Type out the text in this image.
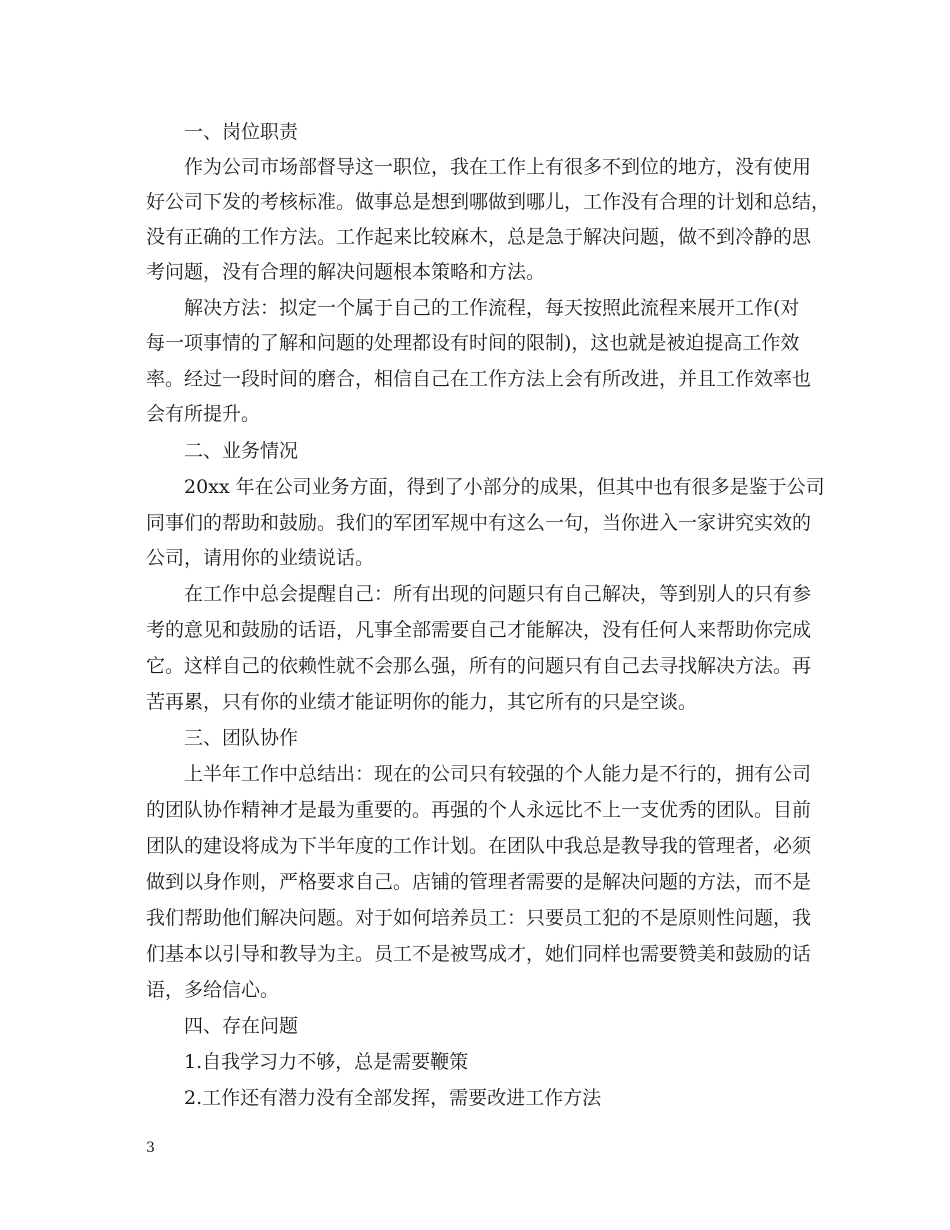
一、岗位职责

作为公司市场部督导这一职位，我在工作上有很多不到位的地方，没有使用

好公司下发的考核标准。做事总是想到哪做到哪儿，工作没有合理的计划和总结，

没有正确的工作方法。工作起来比较麻木，总是急于解决问题，做不到冷静的思

考问题，没有合理的解决问题根本策略和方法。

解决方法：拟定一个属于自己的工作流程，每天按照此流程来展开工作(对

每一项事情的了解和问题的处理都设有时间的限制)，这也就是被迫提高工作效

率。经过一段时间的磨合，相信自己在工作方法上会有所改进，并且工作效率也

会有所提升。

二、业务情况

20xx 年在公司业务方面，得到了小部分的成果，但其中也有很多是鉴于公司

同事们的帮助和鼓励。我们的军团军规中有这么一句，当你进入一家讲究实效的

公司，请用你的业绩说话。

在工作中总会提醒自己：所有出现的问题只有自己解决，等到别人的只有参

考的意见和鼓励的话语，凡事全部需要自己才能解决，没有任何人来帮助你完成

它。这样自己的依赖性就不会那么强，所有的问题只有自己去寻找解决方法。再

苦再累，只有你的业绩才能证明你的能力，其它所有的只是空谈。

三、团队协作

上半年工作中总结出：现在的公司只有较强的个人能力是不行的，拥有公司

的团队协作精神才是最为重要的。再强的个人永远比不上一支优秀的团队。目前

团队的建设将成为下半年度的工作计划。在团队中我总是教导我的管理者，必须

做到以身作则，严格要求自己。店铺的管理者需要的是解决问题的方法，而不是

我们帮助他们解决问题。对于如何培养员工：只要员工犯的不是原则性问题，我

们基本以引导和教导为主。员工不是被骂成才，她们同样也需要赞美和鼓励的话

语，多给信心。

四、存在问题

1.自我学习力不够，总是需要鞭策

2.工作还有潜力没有全部发挥，需要改进工作方法

3
